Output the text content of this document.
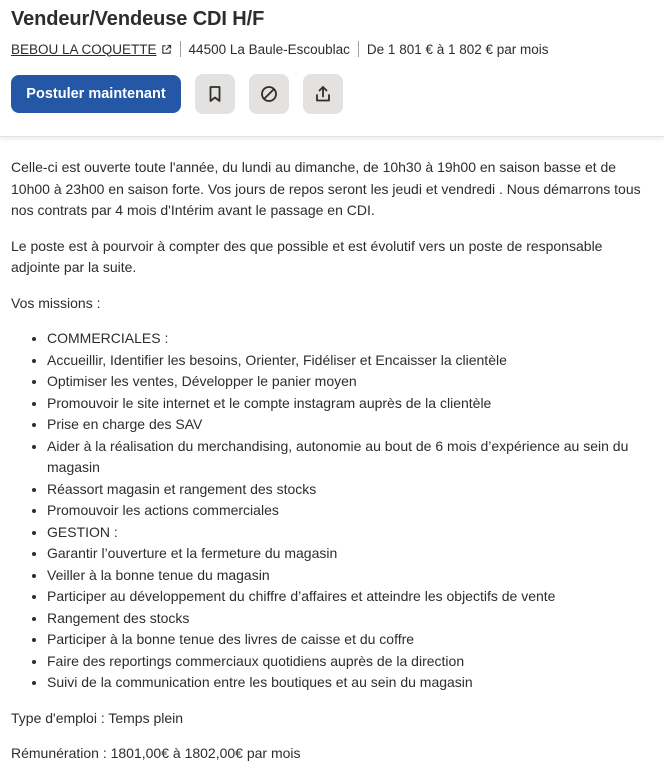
Vendeur/Vendeuse CDI H/F
BEBOU LA COQUETTE 44500 La Baule-Escoublac De 1 801 € à 1 802 € par mois
Postuler maintenant

Celle-ci est ouverte toute l'année, du lundi au dimanche, de 10h30 à 19h00 en saison basse et de 10h00 à 23h00 en saison forte. Vos jours de repos seront les jeudi et vendredi . Nous démarrons tous nos contrats par 4 mois d'Intérim avant le passage en CDI.

Le poste est à pourvoir à compter des que possible et est évolutif vers un poste de responsable adjointe par la suite.

Vos missions :

• COMMERCIALES :
• Accueillir, Identifier les besoins, Orienter, Fidéliser et Encaisser la clientèle
• Optimiser les ventes, Développer le panier moyen
• Promouvoir le site internet et le compte instagram auprès de la clientèle
• Prise en charge des SAV
• Aider à la réalisation du merchandising, autonomie au bout de 6 mois d’expérience au sein du magasin
• Réassort magasin et rangement des stocks
• Promouvoir les actions commerciales
• GESTION :
• Garantir l’ouverture et la fermeture du magasin
• Veiller à la bonne tenue du magasin
• Participer au développement du chiffre d’affaires et atteindre les objectifs de vente
• Rangement des stocks
• Participer à la bonne tenue des livres de caisse et du coffre
• Faire des reportings commerciaux quotidiens auprès de la direction
• Suivi de la communication entre les boutiques et au sein du magasin

Type d'emploi : Temps plein

Rémunération : 1801,00€ à 1802,00€ par mois
